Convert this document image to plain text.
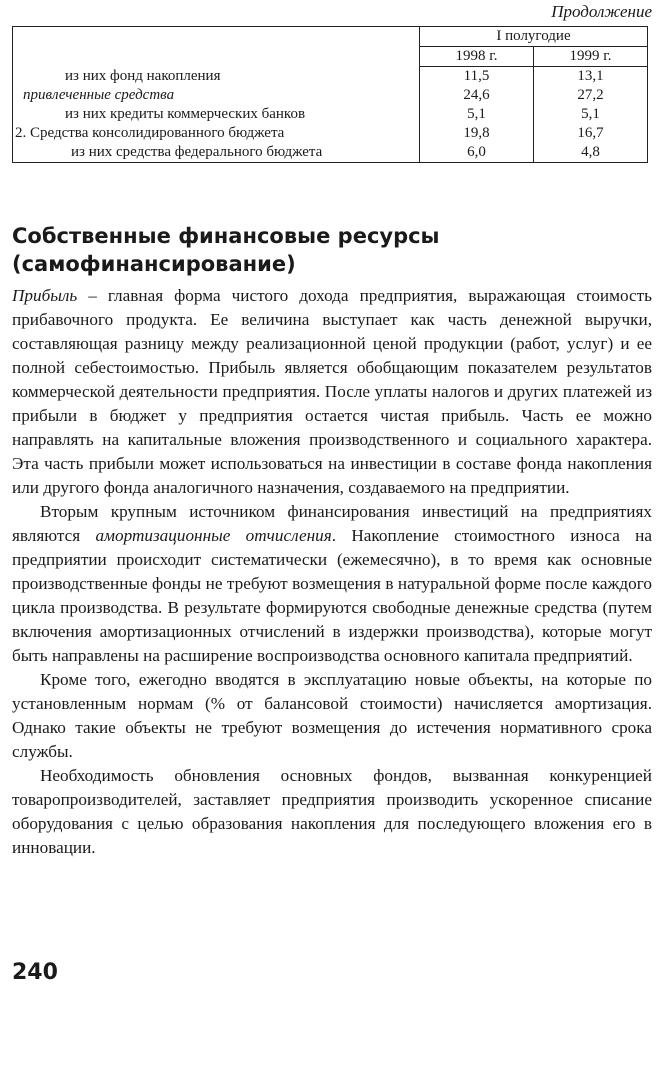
Продолжение
	I полугодие	
	1998 г.	1999 г.
из них фонд накопления	11,5	13,1
привлеченные средства	24,6	27,2
из них кредиты коммерческих банков	5,1	5,1
2. Средства консолидированного бюджета	19,8	16,7
из них средства федерального бюджета	6,0	4,8
Собственные финансовые ресурсы
(самофинансирование)

Прибыль – главная форма чистого дохода предприятия, выражающая стоимость прибавочного продукта. Ее величина выступает как часть денежной выручки, составляющая разницу между реализационной ценой продукции (работ, услуг) и ее полной себестоимостью. Прибыль является обобщающим показателем результатов коммерческой деятельности предприятия. После уплаты налогов и других платежей из прибыли в бюджет у предприятия остается чистая прибыль. Часть ее можно направлять на капитальные вложения производственного и социального характера. Эта часть прибыли может использоваться на инвестиции в составе фонда накопления или другого фонда аналогичного назначения, создаваемого на предприятии.

Вторым крупным источником финансирования инвестиций на предприятиях являются амортизационные отчисления. Накопление стоимостного износа на предприятии происходит систематически (ежемесячно), в то время как основные производственные фонды не требуют возмещения в натуральной форме после каждого цикла производства. В результате формируются свободные денежные средства (путем включения амортизационных отчислений в издержки производства), которые могут быть направлены на расширение воспроизводства основного капитала предприятий.

Кроме того, ежегодно вводятся в эксплуатацию новые объекты, на которые по установленным нормам (% от балансовой стоимости) начисляется амортизация. Однако такие объекты не требуют возмещения до истечения нормативного срока службы.

Необходимость обновления основных фондов, вызванная конкуренцией товаропроизводителей, заставляет предприятия производить ускоренное списание оборудования с целью образования накопления для последующего вложения его в инновации.

240
